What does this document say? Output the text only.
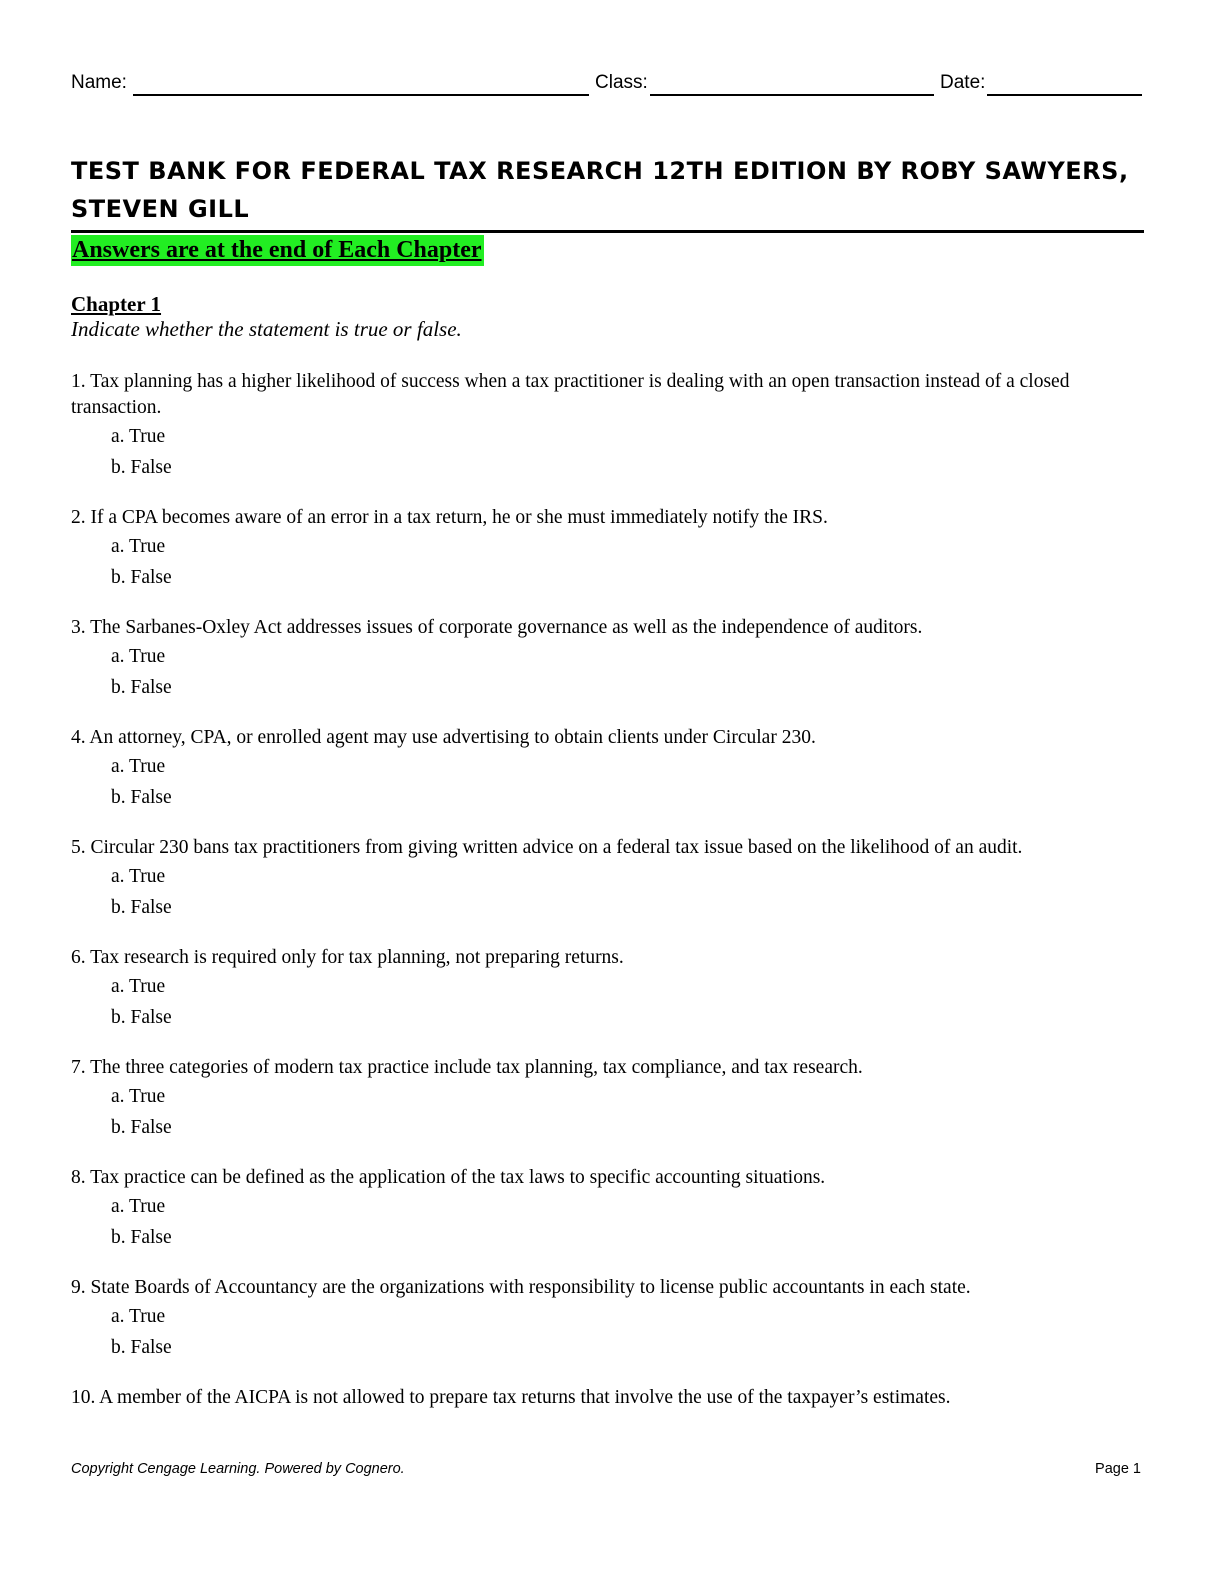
Name:	Class:	Date:
TEST BANK FOR FEDERAL TAX RESEARCH 12TH EDITION BY ROBY SAWYERS, STEVEN GILL
Answers are at the end of Each Chapter
Chapter 1
Indicate whether the statement is true or false.

1. Tax planning has a higher likelihood of success when a tax practitioner is dealing with an open transaction instead of a closed transaction.

a. True
b. False

2. If a CPA becomes aware of an error in a tax return, he or she must immediately notify the IRS.

a. True
b. False

3. The Sarbanes-Oxley Act addresses issues of corporate governance as well as the independence of auditors.

a. True
b. False

4. An attorney, CPA, or enrolled agent may use advertising to obtain clients under Circular 230.

a. True
b. False

5. Circular 230 bans tax practitioners from giving written advice on a federal tax issue based on the likelihood of an audit.

a. True
b. False

6. Tax research is required only for tax planning, not preparing returns.

a. True
b. False

7. The three categories of modern tax practice include tax planning, tax compliance, and tax research.

a. True
b. False

8. Tax practice can be defined as the application of the tax laws to specific accounting situations.

a. True
b. False

9. State Boards of Accountancy are the organizations with responsibility to license public accountants in each state.

a. True
b. False

10. A member of the AICPA is not allowed to prepare tax returns that involve the use of the taxpayer’s estimates.

Copyright Cengage Learning. Powered by Cognero.	Page 1
